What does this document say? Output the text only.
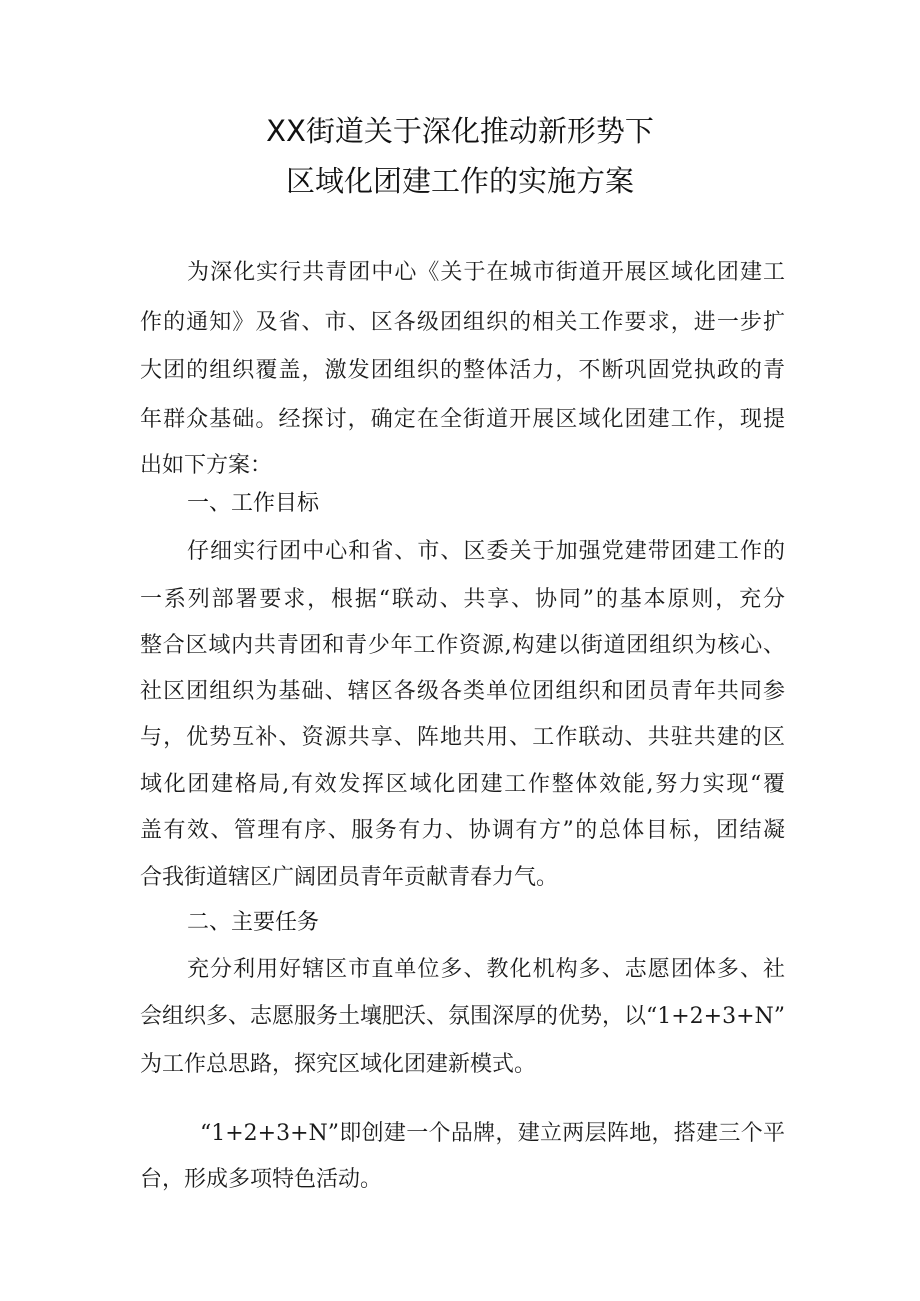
XX街道关于深化推动新形势下
区域化团建工作的实施方案
为深化实行共青团中心《关于在城市街道开展区域化团建工
作的通知》及省、市、区各级团组织的相关工作要求，进一步扩
大团的组织覆盖，激发团组织的整体活力，不断巩固党执政的青
年群众基础。经探讨，确定在全街道开展区域化团建工作，现提
出如下方案：
一、工作目标
仔细实行团中心和省、市、区委关于加强党建带团建工作的
一系列部署要求，根据“联动、共享、协同”的基本原则，充分
整合区域内共青团和青少年工作资源,构建以街道团组织为核心、
社区团组织为基础、辖区各级各类单位团组织和团员青年共同参
与，优势互补、资源共享、阵地共用、工作联动、共驻共建的区
域化团建格局,有效发挥区域化团建工作整体效能,努力实现“覆
盖有效、管理有序、服务有力、协调有方”的总体目标，团结凝
合我街道辖区广阔团员青年贡献青春力气。
二、主要任务
充分利用好辖区市直单位多、教化机构多、志愿团体多、社
会组织多、志愿服务土壤肥沃、氛围深厚的优势，以“1+2+3+N”
为工作总思路，探究区域化团建新模式。
“1+2+3+N”即创建一个品牌，建立两层阵地，搭建三个平
台，形成多项特色活动。
